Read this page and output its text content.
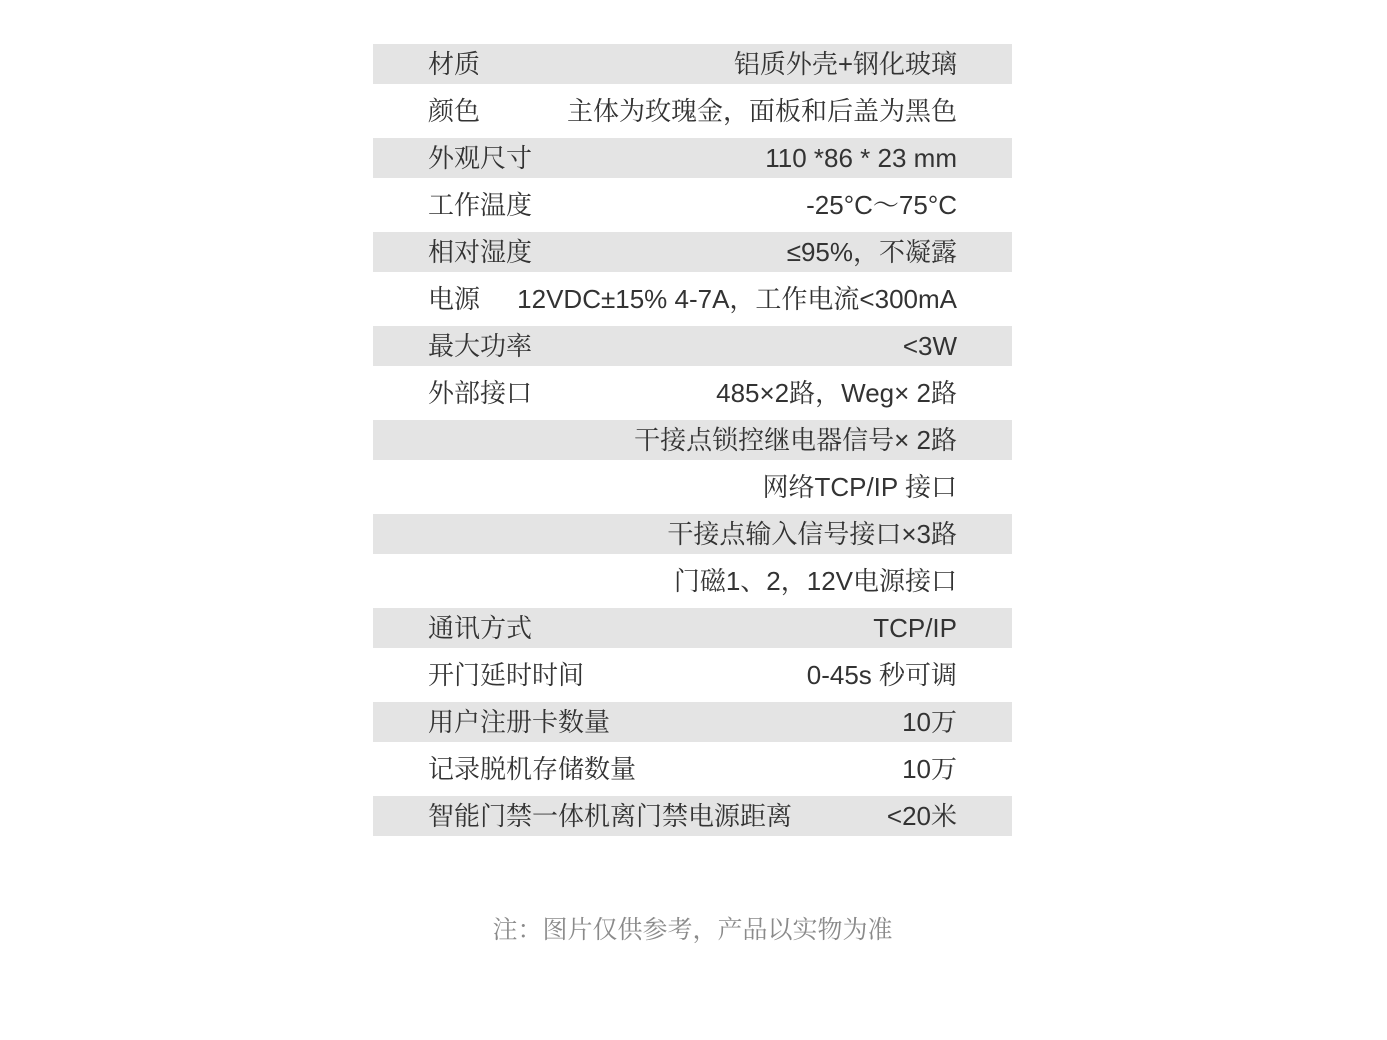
材质	铝质外壳+钢化玻璃
颜色	主体为玫瑰金，面板和后盖为黑色
外观尺寸	110 *86 * 23 mm
工作温度	-25°C～75°C
相对湿度	≤95%，不凝露
电源	12VDC±15% 4-7A，工作电流<300mA
最大功率	<3W
外部接口	485×2路，Weg× 2路
干接点锁控继电器信号× 2路
网络TCP/IP 接口
干接点输入信号接口×3路
门磁1、2，12V电源接口
通讯方式	TCP/IP
开门延时时间	0-45s 秒可调
用户注册卡数量	10万
记录脱机存储数量	10万
智能门禁一体机离门禁电源距离	<20米
注：图片仅供参考，产品以实物为准
